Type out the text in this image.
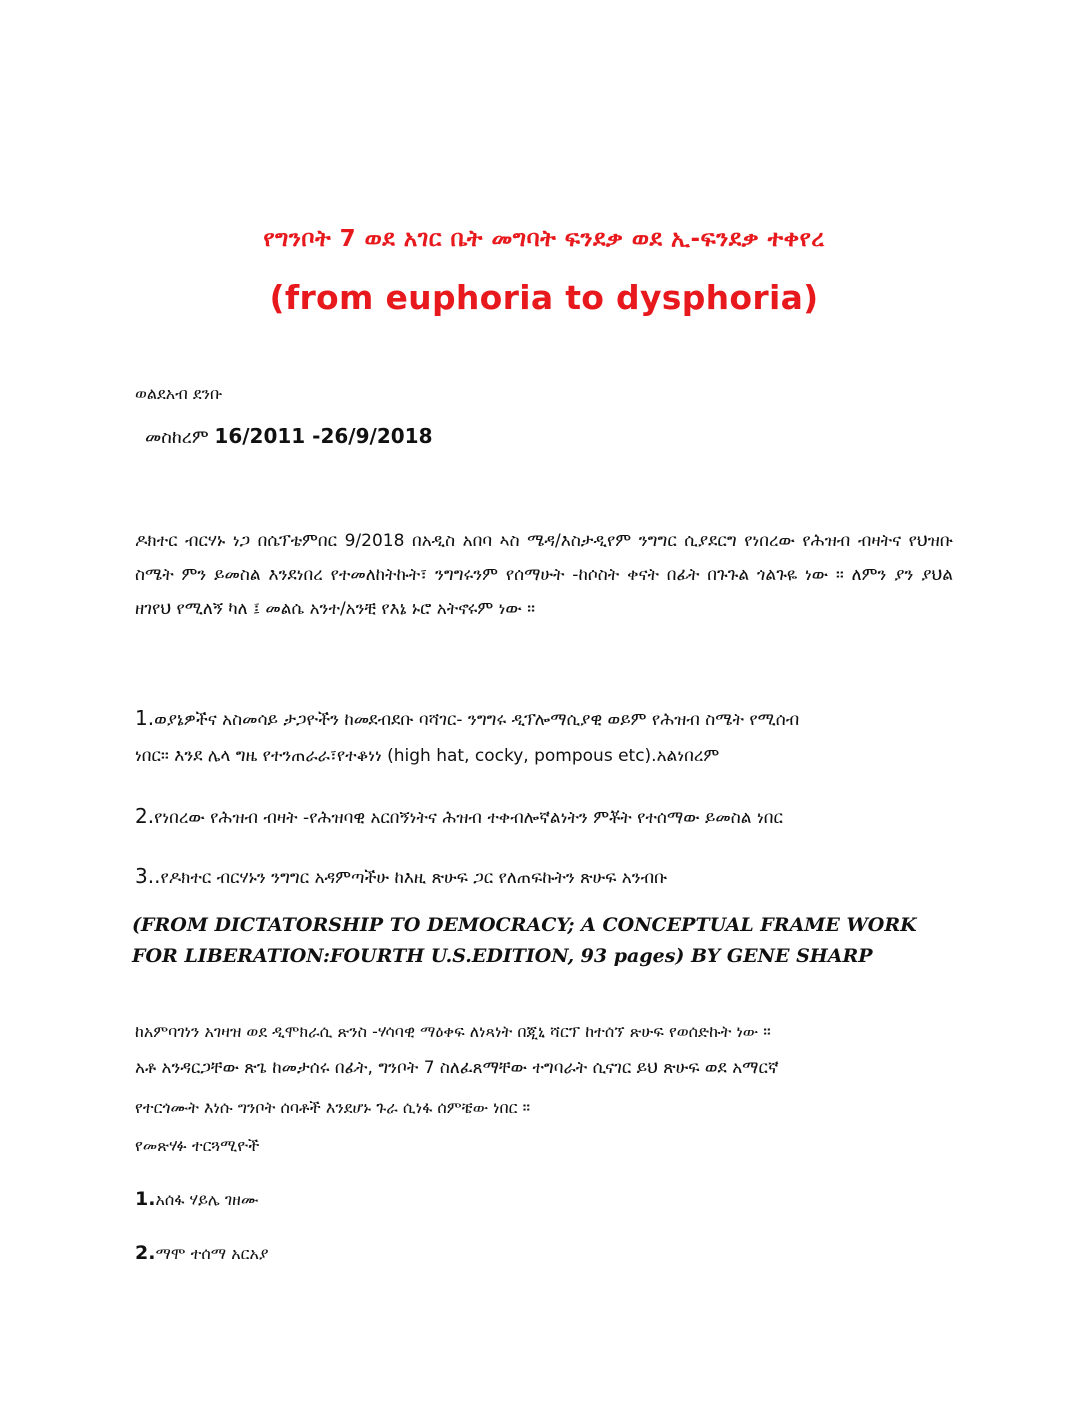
የግንቦት 7 ወደ አገር ቤት መግባት ፍንደቃ ወደ ኢ-ፍንደቃ ተቀየረ
(from euphoria to dysphoria)

ወልደአብ ደንቡ

መስከረም 16/2011 -26/9/2018

ዶክተር ብርሃኑ ነጋ በሴፕቴምበር 9/2018 በአዲስ አበባ ኣስ ሜዳ/እስታዲየም ንግግር ሲያደርግ የነበረው የሕዝብ ብዛትና የህዝቡ ስሜት ምን ይመስል እንደነበረ የተመለከትኩት፣ ንግግሩንም የሰማሁት -ከሶስት ቀናት በፊት በጉጉል ጎልጉዬ ነው ። ለምን ያን ያህል ዘገየህ የሚለኝ ካለ ፤ መልሴ አንተ/አንቺ የእኔ ኑሮ አትኖሩም ነው ።

1.ወያኔዎችና አስመሳይ ታጋዮችን ከመደብደቡ ባሻገር- ንግግሩ ዲፕሎማሲያዊ ወይም የሕዝብ ስሜት የሚሰብ

ነበር። እንደ ሌላ ግዜ የተንጠራራ፣የተቆነነ (high hat, cocky, pompous etc).አልነበረም

2.የነበረው የሕዝብ ብዛት -የሕዝባዊ አርበኝነትና ሕዝብ ተቀብሎኛልነትን ምቾት የተሰማው ይመስል ነበር

3..የዶክተር ብርሃኑን ንግግር አዳምጣችሁ ከእዚ ጽሁፍ ጋር የለጠፍኩትን ጽሁፍ አንብቡ

(FROM DICTATORSHIP TO DEMOCRACY; A CONCEPTUAL FRAME WORK
FOR LIBERATION:FOURTH U.S.EDITION, 93 pages) BY GENE SHARP

ከአምባገነን አገዛዝ ወደ ዲሞክራሲ ጽንስ -ሃሳባዊ ማዕቀፍ ለነጻነት በጂኒ ሻርፕ ከተሰኘ ጽሁፍ የወሰድኩት ነው ።

አቶ አንዳርጋቸው ጽጌ ከመታሰሩ በፊት, ግንቦት 7 ስለፈጸማቸው ተግባራት ሲናገር ይህ ጽሁፍ ወደ አማርኛ

የተርጎሙት እነሱ ግንቦት ሰባቶች እንደሆኑ ጉራ ሲነፋ ሰምቼው ነበር ።

የመጽሃፉ ተርጓሚዮች

1.አሰፋ ሃይሌ ገዘሙ

2.ማሞ ተሰማ አርአያ
